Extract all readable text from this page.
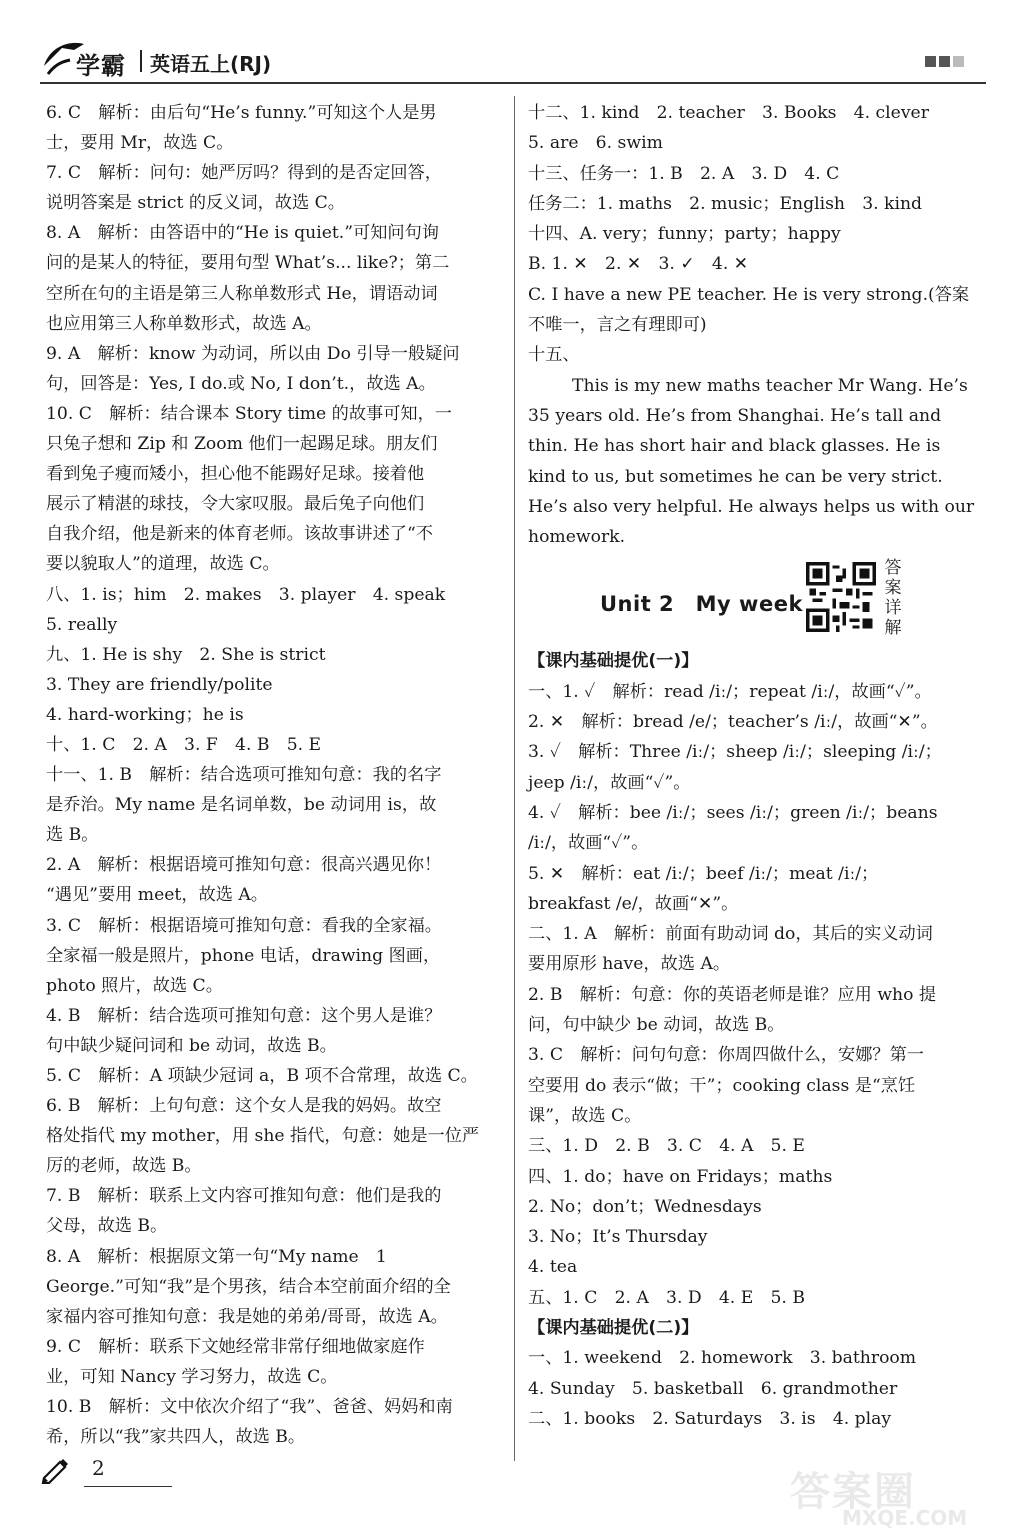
学霸 英语五上(RJ)
6. C　解析：由后句“He’s funny.”可知这个人是男
士，要用 Mr，故选 C。
7. C　解析：问句：她严厉吗？得到的是否定回答，
说明答案是 strict 的反义词，故选 C。
8. A　解析：由答语中的“He is quiet.”可知问句询
问的是某人的特征，要用句型 What’s... like?；第二
空所在句的主语是第三人称单数形式 He，谓语动词
也应用第三人称单数形式，故选 A。
9. A　解析：know 为动词，所以由 Do 引导一般疑问
句，回答是：Yes, I do.或 No, I don’t.，故选 A。
10. C　解析：结合课本 Story time 的故事可知，一
只兔子想和 Zip 和 Zoom 他们一起踢足球。朋友们
看到兔子瘦而矮小，担心他不能踢好足球。接着他
展示了精湛的球技，令大家叹服。最后兔子向他们
自我介绍，他是新来的体育老师。该故事讲述了“不
要以貌取人”的道理，故选 C。
八、1. is；him　2. makes　3. player　4. speak
5. really
九、1. He is shy　2. She is strict
3. They are friendly/polite
4. hard-working；he is
十、1. C　2. A　3. F　4. B　5. E
十一、1. B　解析：结合选项可推知句意：我的名字
是乔治。My name 是名词单数，be 动词用 is，故
选 B。
2. A　解析：根据语境可推知句意：很高兴遇见你！
“遇见”要用 meet，故选 A。
3. C　解析：根据语境可推知句意：看我的全家福。
全家福一般是照片，phone 电话，drawing 图画，
photo 照片，故选 C。
4. B　解析：结合选项可推知句意：这个男人是谁？
句中缺少疑问词和 be 动词，故选 B。
5. C　解析：A 项缺少冠词 a，B 项不合常理，故选 C。
6. B　解析：上句句意：这个女人是我的妈妈。故空
格处指代 my mother，用 she 指代，句意：她是一位严
厉的老师，故选 B。
7. B　解析：联系上文内容可推知句意：他们是我的
父母，故选 B。
8. A　解析：根据原文第一句“My name　1
George.”可知“我”是个男孩，结合本空前面介绍的全
家福内容可推知句意：我是她的弟弟/哥哥，故选 A。
9. C　解析：联系下文她经常非常仔细地做家庭作
业，可知 Nancy 学习努力，故选 C。
10. B　解析：文中依次介绍了“我”、爸爸、妈妈和南
希，所以“我”家共四人，故选 B。
十二、1. kind　2. teacher　3. Books　4. clever
5. are　6. swim
十三、任务一：1. B　2. A　3. D　4. C
任务二：1. maths　2. music；English　3. kind
十四、A. very；funny；party；happy
B. 1. ✕　2. ✕　3. ✓　4. ✕
C. I have a new PE teacher. He is very strong.(答案
不唯一，言之有理即可)
十五、
This is my new maths teacher Mr Wang. He’s
35 years old. He’s from Shanghai. He’s tall and
thin. He has short hair and black glasses. He is
kind to us, but sometimes he can be very strict.
He’s also very helpful. He always helps us with our
homework.
Unit 2　My week
答案详解
【课内基础提优(一)】
一、1. ✓　解析：read /iː/；repeat /iː/，故画“✓”。
2. ✕　解析：bread /e/；teacher’s /iː/，故画“✕”。
3. ✓　解析：Three /iː/；sheep /iː/；sleeping /iː/；
jeep /iː/，故画“✓”。
4. ✓　解析：bee /iː/；sees /iː/；green /iː/；beans
/iː/，故画“✓”。
5. ✕　解析：eat /iː/；beef /iː/；meat /iː/；
breakfast /e/，故画“✕”。
二、1. A　解析：前面有助动词 do，其后的实义动词
要用原形 have，故选 A。
2. B　解析：句意：你的英语老师是谁？应用 who 提
问，句中缺少 be 动词，故选 B。
3. C　解析：问句句意：你周四做什么，安娜？第一
空要用 do 表示“做；干”；cooking class 是“烹饪
课”，故选 C。
三、1. D　2. B　3. C　4. A　5. E
四、1. do；have on Fridays；maths
2. No；don’t；Wednesdays
3. No；It’s Thursday
4. tea
五、1. C　2. A　3. D　4. E　5. B
【课内基础提优(二)】
一、1. weekend　2. homework　3. bathroom
4. Sunday　5. basketball　6. grandmother
二、1. books　2. Saturdays　3. is　4. play
2
答案圈
MXQE.COM
